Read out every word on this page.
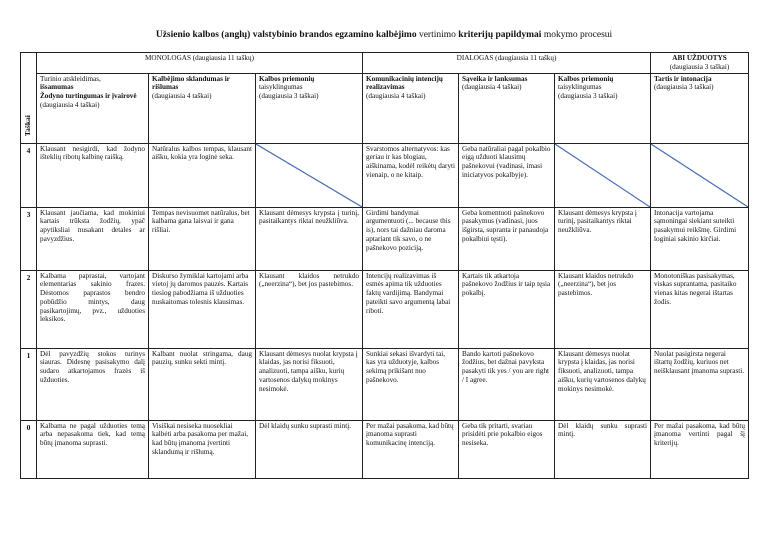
Užsienio kalbos (anglų) valstybinio brandos egzamino kalbėjimo vertinimo kriterijų papildymai mokymo procesui
Taškai	MONOLOGAS (daugiausia 11 taškų)			DIALOGAS (daugiausia 11 taškų)			ABI UŽDUOTYS
(daugiausia 3 taškai)
	Turinio atskleidimas,
išsamumas
Žodyno turtingumas ir įvairovė
(daugiausia 4 taškai)	Kalbėjimo sklandumas ir rišlumas
(daugiausia 4 taškai)	Kalbos priemonių
taisyklingumas
(daugiausia 3 taškai)	Komunikacinių intencijų realizavimas
(daugiausia 4 taškai)	Sąveika ir lanksumas
(daugiausia 4 taškai)	Kalbos priemonių
taisyklingumas
(daugiausia 3 taškai)	Tartis ir intonacija
(daugiausia 3 taškai)
4	Klausant nesigirdi, kad žodyno išteklių ribotų kalbinę raišką.	Natūralus kalbos tempas, klausant aišku, kokia yra loginė seka.		Svarstomos alternatyvos: kas geriau ir kas blogiau, aiškinama, kodėl reikėtų daryti vienaip, o ne kitaip.	Geba natūraliai pagal pokalbio eigą užduoti klausimų pašnekovui (vadinasi, imasi iniciatyvos pokalbyje).	

3	Klausant jaučiama, kad mokiniui kartais trūksta žodžių, ypač apytiksliai nusakant detales ar pavyzdžius.	Tempas nevisuomet natūralus, bet kalbama gana laisvai ir gana rišliai.	Klausant dėmesys krypsta į turinį, pasitaikantys riktai neužkliūva.	Girdimi bandymai argumentuoti (... because this is), nors tai dažniau daroma aptariant tik savo, o ne pašnekovo poziciją.	Geba komentuoti pašnekovo pasakymus (vadinasi, juos išgirsta, supranta ir panaudoja pokalbiui tęsti).	Klausant dėmesys krypsta į turinį, pasitaikantys riktai neužkliūva.	Intonacija vartojama sąmoningai siekiant suteikti pasakymui reikšmę. Girdimi loginiai sakinio kirčiai.
2	Kalbama paprastai, vartojant elementarias sakinio frazes. Dėstomos paprastos bendro pobūdžio mintys, daug pasikartojimų, pvz., užduoties leksikos.	Diskurso žymiklai kartojami arba vietoj jų daromos pauzės. Kartais tiesiog pabodžiama iš užduoties nuskaitomas tolesnis klausimas.	Klausant klaidos netrukdo („neerzina“), bet jos pastebimos.	Intencijų realizavimas iš esmės apima tik užduoties faktų vardijimą. Bandymai pateikti savo argumentą labai riboti.	Kartais tik atkartoja pašnekovo žodžius ir taip tęsia pokalbį.	Klausant klaidos netrukdo („neerzina“), bet jos pastebimos.	Monotoniškas pasisakymas, viskas suprantama, pasitaiko vienas kitas negerai ištartas žodis.
1	Dėl pavyzdžių stokos turinys siauras. Didesnę pasisakymo dalį sudaro atkartojamos frazės iš užduoties.	Kalbant nuolat stringama, daug pauzių, sunku sekti mintį.	Klausant dėmesys nuolat krypsta į klaidas, jas norisi fiksuoti, analizuoti, tampa aišku, kurių vartosenos dalykų mokinys nesimokė.	Sunkiai sekasi išvardyti tai, kas yra užduotyje, kalbos sekimą prikišant nuo pašnekovo.	Bando kartoti pašnekovo žodžius, bet dažnai pavyksta pasakyti tik yes / you are right / I agree.	Klausant dėmesys nuolat krypsta į klaidas, jas norisi fiksuoti, analizuoti, tampa aišku, kurių vartosenos dalykų mokinys nesimokė.	Nuolat pasigirsta negerai ištartų žodžių, kuriuos net neišklausant įmanoma suprasti.
0	Kalbama ne pagal užduoties temą arba nepasakoma tiek, kad temą būtų įmanoma suprasti.	Visiškai nesiseka nuosekliai kalbėti arba pasakoma per mažai, kad būtų įmanoma įvertinti sklandumą ir rišlumą.	Dėl klaidų sunku suprasti mintį.	Per mažai pasakoma, kad būtų įmanoma suprasti komunikacinę intenciją.	Geba tik pritarti, svariau prisidėti prie pokalbio eigos nesiseka.	Dėl klaidų sunku suprasti mintį.	Per mažai pasakoma, kad būtų įmanoma vertinti pagal šį kriterijų.
